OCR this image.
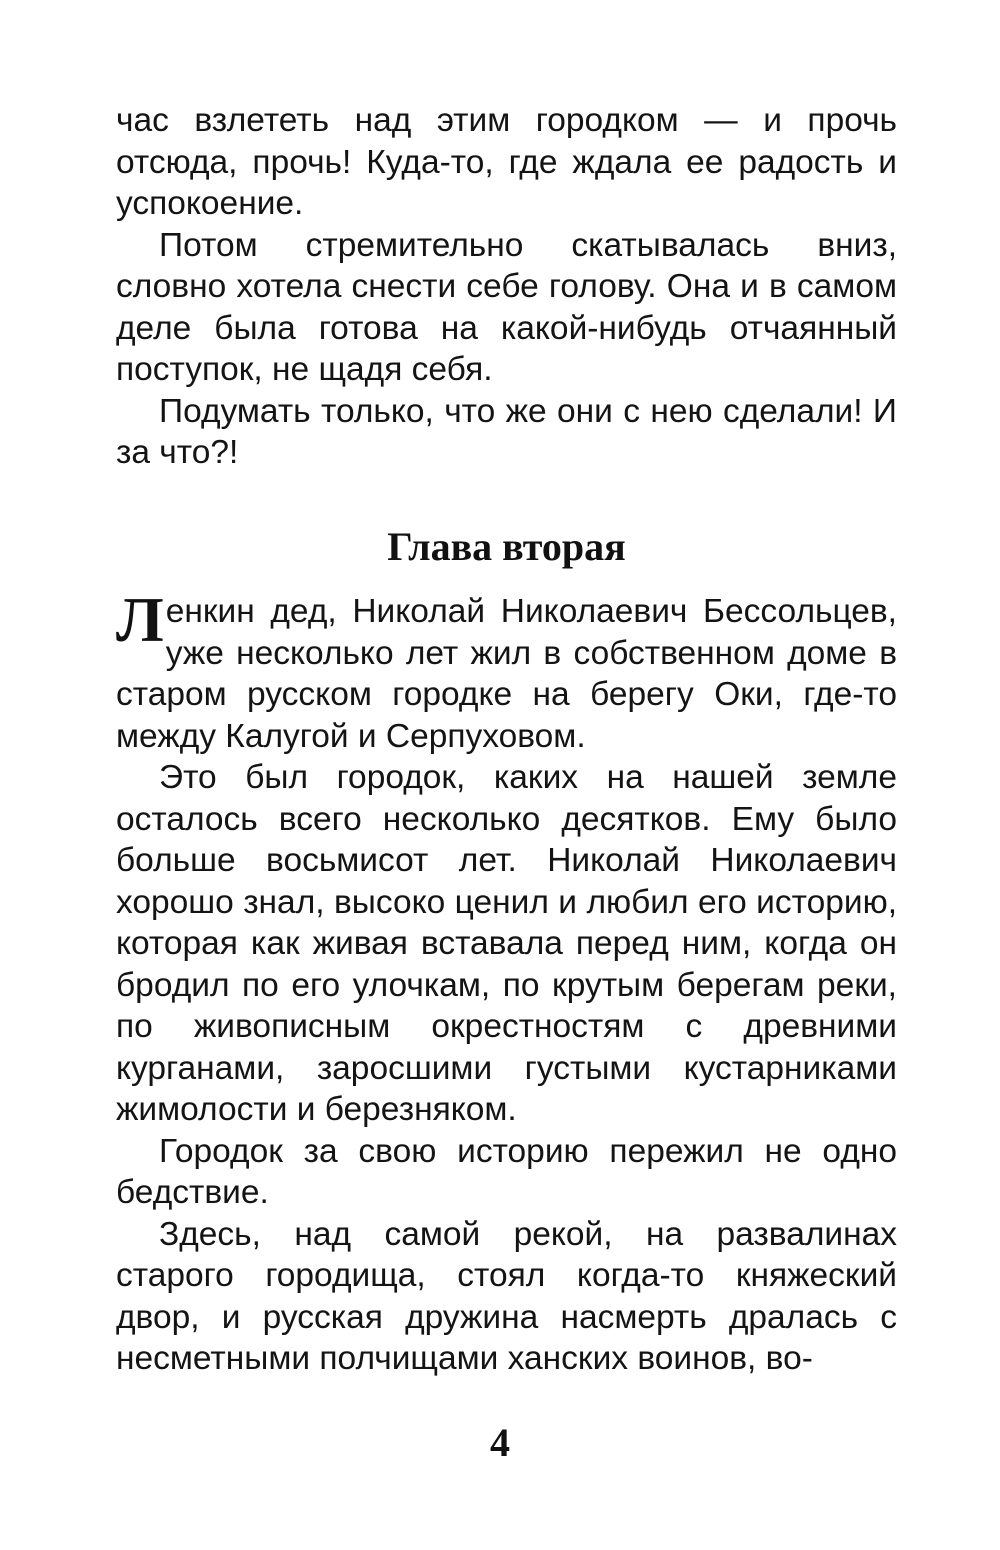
час взлететь над этим городком — и прочь отсюда, прочь! Куда-то, где ждала ее радость и успокоение.

Потом стремительно скатывалась вниз, словно хотела снести себе голову. Она и в самом деле была готова на какой-нибудь отчаянный поступок, не щадя себя.

Подумать только, что же они с нею сделали! И за что?!

Глава вторая

Ленкин дед, Николай Николаевич Бессольцев, уже несколько лет жил в собственном доме в старом русском городке на берегу Оки, где-то между Калугой и Серпуховом.

Это был городок, каких на нашей земле осталось всего несколько десятков. Ему было больше восьмисот лет. Николай Николаевич хорошо знал, высоко ценил и любил его историю, которая как живая вставала перед ним, когда он бродил по его улочкам, по крутым берегам реки, по живописным окрестностям с древними курганами, заросшими густыми кустарниками жимолости и березняком.

Городок за свою историю пережил не одно бедствие.

Здесь, над самой рекой, на развалинах старого городища, стоял когда-то княжеский двор, и русская дружина насмерть дралась с несметными полчищами ханских воинов, во-

4
